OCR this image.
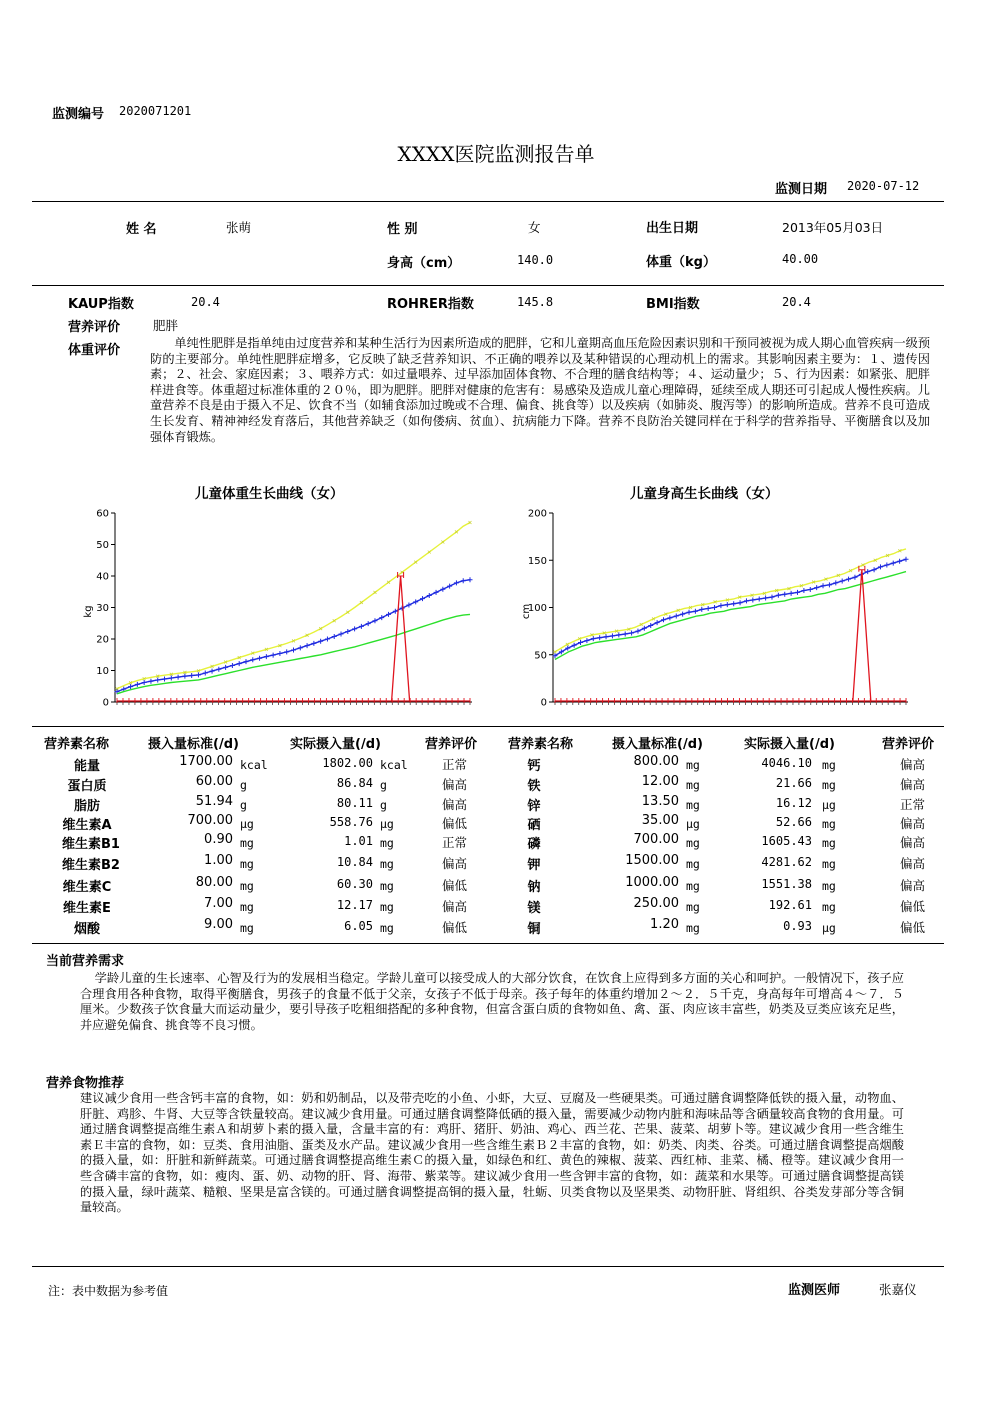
监测编号 2020071201
XXXX医院监测报告单
监测日期 2020-07-12
姓 名	张萌	性 别	女	出生日期	2013年05月03日
身高（cm）	140.0	体重（kg）	40.00
KAUP指数	20.4	ROHRER指数	145.8	BMI指数	20.4
营养评价	肥胖
体重评价	单纯性肥胖是指单纯由过度营养和某种生活行为因素所造成的肥胖，它和儿童期高血压危险因素识别和干预同被视为成人期心血管疾病一级预防的主要部分。单纯性肥胖症增多，它反映了缺乏营养知识、不正确的喂养以及某种错误的心理动机上的需求。其影响因素主要为：１、遗传因素；２、社会、家庭因素；３、喂养方式：如过量喂养、过早添加固体食物、不合理的膳食结构等；４、运动量少；５、行为因素：如紧张、肥胖样进食等。体重超过标准体重的２０％，即为肥胖。肥胖对健康的危害有：易感染及造成儿童心理障碍，延续至成人期还可引起成人慢性疾病。儿童营养不良是由于摄入不足、饮食不当（如辅食添加过晚或不合理、偏食、挑食等）以及疾病（如肺炎、腹泻等）的影响所造成。营养不良可造成生长发育、精神神经发育落后，其他营养缺乏（如佝偻病、贫血）、抗病能力下降。营养不良防治关键同样在于科学的营养指导、平衡膳食以及加强体育锻炼。
儿童体重生长曲线（女）	儿童身高生长曲线（女）
0
10
20
30
40
50
60
kg
0
50
100
150
200
cm
营养素名称	摄入量标准(/d)	实际摄入量(/d)	营养评价 营养素名称	摄入量标准(/d)	实际摄入量(/d)	营养评价
能量	1700.00 kcal	1802.00 kcal	正常
蛋白质	60.00 g	86.84 g	偏高
脂肪	51.94 g	80.11 g	偏高
维生素A	700.00 μg	558.76 μg	偏低
维生素B1	0.90 mg	1.01 mg	正常
维生素B2	1.00 mg	10.84 mg	偏高
维生素C	80.00 mg	60.30 mg	偏低
维生素E	7.00 mg	12.17 mg	偏高
烟酸	9.00 mg	6.05 mg	偏低
钙	800.00 mg	4046.10 mg	偏高
铁	12.00 mg	21.66 mg	偏高
锌	13.50 mg	16.12 μg	正常
硒	35.00 μg	52.66 mg	偏高
磷	700.00 mg	1605.43 mg	偏高
钾	1500.00 mg	4281.62 mg	偏高
钠	1000.00 mg	1551.38 mg	偏高
镁	250.00 mg	192.61 mg	偏低
铜	1.20 mg	0.93 μg	偏低
当前营养需求
学龄儿童的生长速率、心智及行为的发展相当稳定。学龄儿童可以接受成人的大部分饮食，在饮食上应得到多方面的关心和呵护。一般情况下，孩子应合理食用各种食物，取得平衡膳食，男孩子的食量不低于父亲，女孩子不低于母亲。孩子每年的体重约增加２～２．５千克，身高每年可增高４～７．５厘米。少数孩子饮食量大而运动量少，要引导孩子吃粗细搭配的多种食物，但富含蛋白质的食物如鱼、禽、蛋、肉应该丰富些，奶类及豆类应该充足些，并应避免偏食、挑食等不良习惯。
营养食物推荐
建议减少食用一些含钙丰富的食物，如：奶和奶制品，以及带壳吃的小鱼、小虾，大豆、豆腐及一些硬果类。可通过膳食调整降低铁的摄入量，动物血、肝脏、鸡胗、牛肾、大豆等含铁量较高。建议减少食用量。可通过膳食调整降低硒的摄入量，需要减少动物内脏和海味品等含硒量较高食物的食用量。可通过膳食调整提高维生素Ａ和胡萝卜素的摄入量，含量丰富的有：鸡肝、猪肝、奶油、鸡心、西兰花、芒果、菠菜、胡萝卜等。建议减少食用一些含维生素Ｅ丰富的食物，如：豆类、食用油脂、蛋类及水产品。建议减少食用一些含维生素Ｂ２丰富的食物，如：奶类、肉类、谷类。可通过膳食调整提高烟酸的摄入量，如：肝脏和新鲜蔬菜。可通过膳食调整提高维生素Ｃ的摄入量，如绿色和红、黄色的辣椒、菠菜、西红柿、韭菜、橘、橙等。建议减少食用一些含磷丰富的食物，如：瘦肉、蛋、奶、动物的肝、肾、海带、紫菜等。建议减少食用一些含钾丰富的食物，如：蔬菜和水果等。可通过膳食调整提高镁的摄入量，绿叶蔬菜、糙粮、坚果是富含镁的。可通过膳食调整提高铜的摄入量，牡蛎、贝类食物以及坚果类、动物肝脏、肾组织、谷类发芽部分等含铜量较高。
注：表中数据为参考值	监测医师	张嘉仪
